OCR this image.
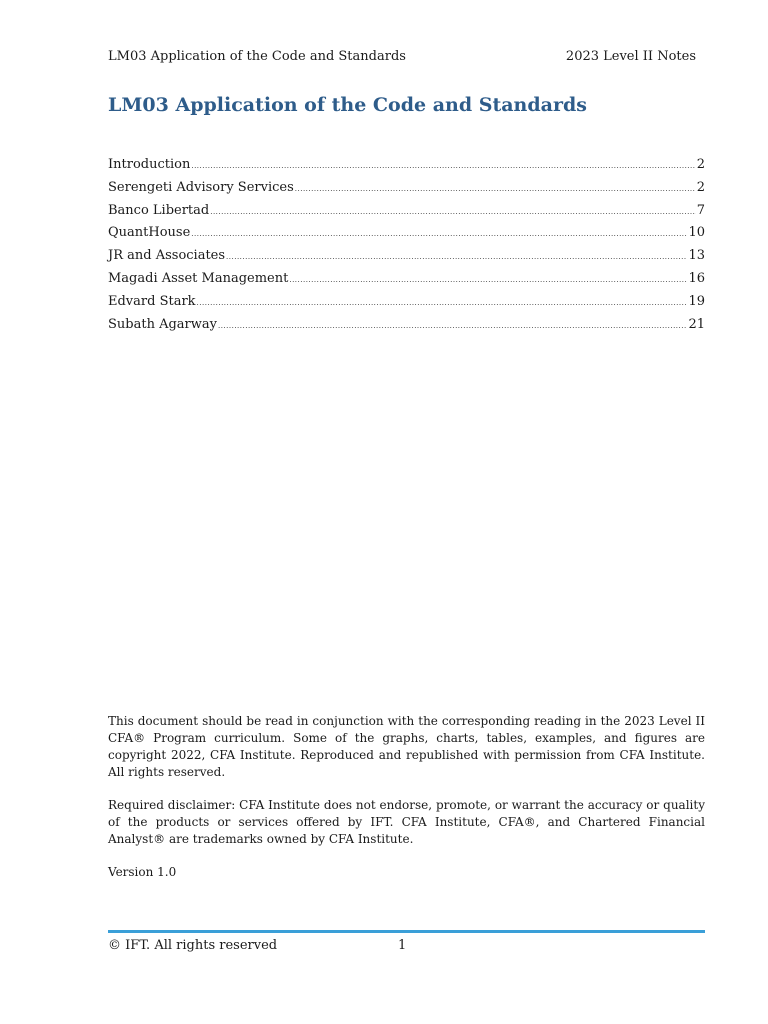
LM03 Application of the Code and Standards	2023 Level II Notes
LM03 Application of the Code and Standards
Introduction .....	2
Serengeti Advisory Services .....	2
Banco Libertad .....	7
QuantHouse .....	10
JR and Associates .....	13
Magadi Asset Management .....	16
Edvard Stark .....	19
Subath Agarway .....	21

This document should be read in conjunction with the corresponding reading in the 2023 Level II CFA® Program curriculum. Some of the graphs, charts, tables, examples, and figures are copyright 2022, CFA Institute. Reproduced and republished with permission from CFA Institute. All rights reserved.

Required disclaimer: CFA Institute does not endorse, promote, or warrant the accuracy or quality of the products or services offered by IFT. CFA Institute, CFA®, and Chartered Financial Analyst® are trademarks owned by CFA Institute.

Version 1.0

© IFT. All rights reserved	1
